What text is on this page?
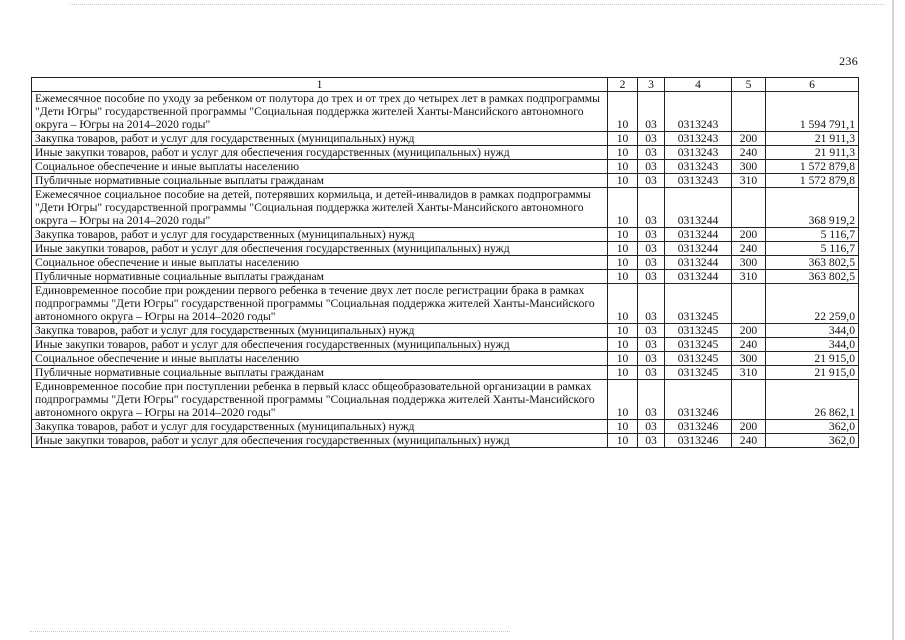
236
1	2	3	4	5	6
Ежемесячное пособие по уходу за ребенком от полутора до трех и от трех до четырех лет в рамках подпрограммы "Дети Югры" государственной программы "Социальная поддержка жителей Ханты-Мансийского автономного округа – Югры на 2014–2020 годы"	10	03	0313243		1 594 791,1
Закупка товаров, работ и услуг для государственных (муниципальных) нужд	10	03	0313243	200	21 911,3
Иные закупки товаров, работ и услуг для обеспечения государственных (муниципальных) нужд	10	03	0313243	240	21 911,3
Социальное обеспечение и иные выплаты населению	10	03	0313243	300	1 572 879,8
Публичные нормативные социальные выплаты гражданам	10	03	0313243	310	1 572 879,8
Ежемесячное социальное пособие на детей, потерявших кормильца, и детей-инвалидов в рамках подпрограммы "Дети Югры" государственной программы "Социальная поддержка жителей Ханты-Мансийского автономного округа – Югры на 2014–2020 годы"	10	03	0313244		368 919,2
Закупка товаров, работ и услуг для государственных (муниципальных) нужд	10	03	0313244	200	5 116,7
Иные закупки товаров, работ и услуг для обеспечения государственных (муниципальных) нужд	10	03	0313244	240	5 116,7
Социальное обеспечение и иные выплаты населению	10	03	0313244	300	363 802,5
Публичные нормативные социальные выплаты гражданам	10	03	0313244	310	363 802,5
Единовременное пособие при рождении первого ребенка в течение двух лет после регистрации брака в рамках подпрограммы "Дети Югры" государственной программы "Социальная поддержка жителей Ханты-Мансийского автономного округа – Югры на 2014–2020 годы"	10	03	0313245		22 259,0
Закупка товаров, работ и услуг для государственных (муниципальных) нужд	10	03	0313245	200	344,0
Иные закупки товаров, работ и услуг для обеспечения государственных (муниципальных) нужд	10	03	0313245	240	344,0
Социальное обеспечение и иные выплаты населению	10	03	0313245	300	21 915,0
Публичные нормативные социальные выплаты гражданам	10	03	0313245	310	21 915,0
Единовременное пособие при поступлении ребенка в первый класс общеобразовательной организации в рамках подпрограммы "Дети Югры" государственной программы "Социальная поддержка жителей Ханты-Мансийского автономного округа – Югры на 2014–2020 годы"	10	03	0313246		26 862,1
Закупка товаров, работ и услуг для государственных (муниципальных) нужд	10	03	0313246	200	362,0
Иные закупки товаров, работ и услуг для обеспечения государственных (муниципальных) нужд	10	03	0313246	240	362,0
